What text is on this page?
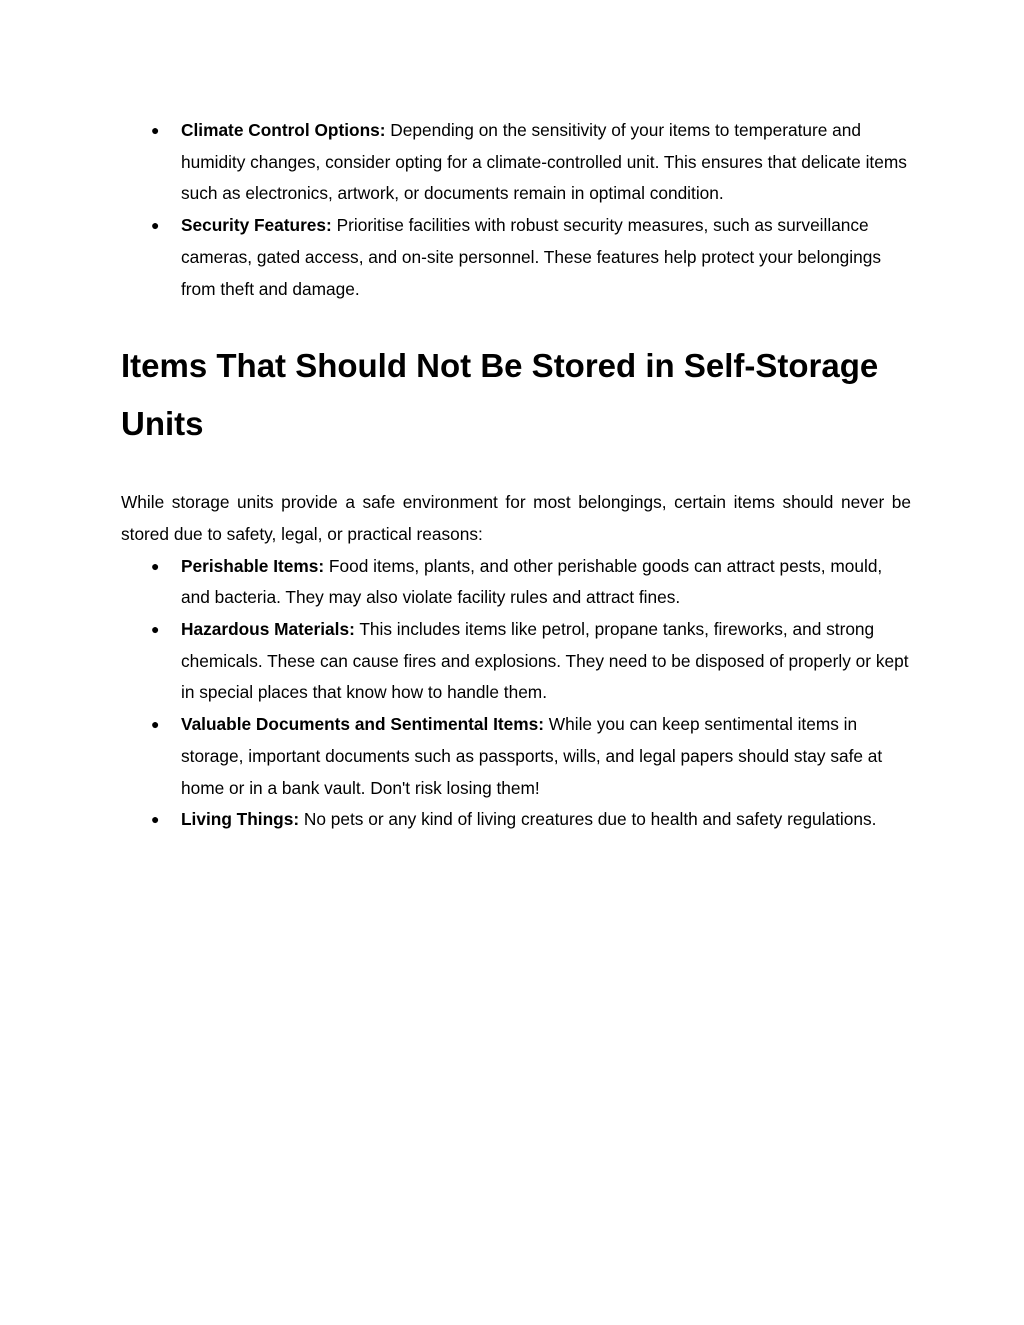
● Climate Control Options: Depending on the sensitivity of your items to temperature and humidity changes, consider opting for a climate-controlled unit. This ensures that delicate items such as electronics, artwork, or documents remain in optimal condition.
● Security Features: Prioritise facilities with robust security measures, such as surveillance cameras, gated access, and on-site personnel. These features help protect your belongings from theft and damage.
Items That Should Not Be Stored in Self-Storage Units

While storage units provide a safe environment for most belongings, certain items should never be stored due to safety, legal, or practical reasons:

● Perishable Items: Food items, plants, and other perishable goods can attract pests, mould, and bacteria. They may also violate facility rules and attract fines.
● Hazardous Materials: This includes items like petrol, propane tanks, fireworks, and strong chemicals. These can cause fires and explosions. They need to be disposed of properly or kept in special places that know how to handle them.
● Valuable Documents and Sentimental Items: While you can keep sentimental items in storage, important documents such as passports, wills, and legal papers should stay safe at home or in a bank vault. Don't risk losing them!
● Living Things: No pets or any kind of living creatures due to health and safety regulations.
